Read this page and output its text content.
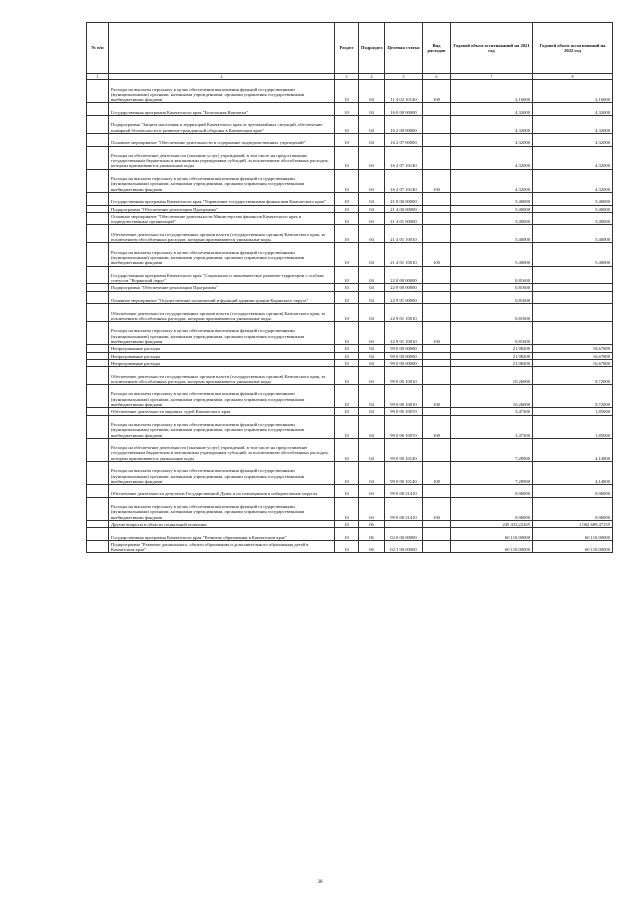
№ п/п		Раздел	Подраздел	Целевая статья	Вид расходов	Годовой объем ассигнований на 2021 год	Годовой объем ассигнований на 2022 год
1	2	3	4	5	6	7	8
	Расходы на выплаты персоналу в целях обеспечения выполнения функций государственными (муниципальными) органами, казенными учреждениями, органами управления государственными внебюджетными фондами	10	04	11 4 02 10140	100	2,16000	2,16000
	Государственная программа Камчатского края "Безопасная Камчатка"	10	04	16 0 00 00000		4,32000	4,32000
	Подпрограмма "Защита населения и территорий Камчатского края от чрезвычайных ситуаций, обеспечение пожарной безопасности и развитие гражданской обороны в Камчатском крае"	10	04	16 2 00 00000		4,32000	4,32000
	Основное мероприятие "Обеспечение деятельности и содержание подведомственных учреждений"	10	04	16 2 07 00000		4,32000	4,32000
	Расходы на обеспечение деятельности (оказание услуг) учреждений, в том числе на предоставление государственным бюджетным и автономным учреждениям субсидий, за исключением обособленных расходов, которым присваиваются уникальные коды	10	04	16 2 07 10140		4,32000	4,32000
	Расходы на выплаты персоналу в целях обеспечения выполнения функций государственными (муниципальными) органами, казенными учреждениями, органами управления государственными внебюджетными фондами	10	04	16 2 07 10140	100	4,32000	4,32000
	Государственная программа Камчатского края "Управление государственными финансами Камчатского края"	10	04	21 0 00 00000		5,40000	5,40000
	Подпрограмма "Обеспечение реализации Программы"	10	04	21 4 00 00000		5,40000	5,40000
	Основное мероприятие "Обеспечение деятельности Министерства финансов Камчатского края и подведомственных организаций"	10	04	21 4 01 00000		5,40000	5,40000
	Обеспечение деятельности государственных органов власти (государственных органов) Камчатского края, за исключением обособленных расходов, которым присваиваются уникальные коды.	10	04	21 4 01 10010		5,40000	5,40000
	Расходы на выплаты персоналу в целях обеспечения выполнения функций государственными (муниципальными) органами, казенными учреждениями, органами управления государственными внебюджетными фондами	10	04	21 4 01 10010	100	5,40000	5,40000
	Государственная программа Камчатского края "Социальное и экономическое развитие территории с особым статусом "Корякский округ"	10	04	22 0 00 00000		0,81600	
	Подпрограмма "Обеспечение реализации Программы"	10	04	22 9 00 00000		0,81600	
	Основное мероприятие "Осуществление полномочий и функций администрации Корякского округа"	10	04	22 9 01 00000		0,81600	
	Обеспечение деятельности государственных органов власти (государственных органов) Камчатского края, за исключением обособленных расходов, которым присваиваются уникальные коды.	10	04	22 9 01 10010		0,81600	
	Расходы на выплаты персоналу в целях обеспечения выполнения функций государственными (муниципальными) органами, казенными учреждениями, органами управления государственными внебюджетными фондами	10	04	22 9 01 10010	100	0,81600	
	Непрограммные расходы	10	04	99 0 00 00000		21,98200	16,67800
	Непрограммные расходы	10	04	99 0 00 00000		21,98200	16,67800
	Непрограммные расходы	10	04	99 0 00 00000		21,98200	16,67800
	Обеспечение деятельности государственных органов власти (государственных органов) Камчатского края, за исключением обособленных расходов, которым присваиваются уникальные коды.	10	04	99 0 00 10010		10,26000	9,72000
	Расходы на выплаты персоналу в целях обеспечения выполнения функций государственными (муниципальными) органами, казенными учреждениями, органами управления государственными внебюджетными фондами	10	04	99 0 00 10010	100	10,26000	9,72000
	Обеспечение деятельности мировых судей Камчатского края	10	04	99 0 00 10070		3,47300	1,85000
	Расходы на выплаты персоналу в целях обеспечения выполнения функций государственными (муниципальными) органами, казенными учреждениями, органами управления государственными внебюджетными фондами	10	04	99 0 00 10070	100	3,47300	1,85000
	Расходы на обеспечение деятельности (оказание услуг) учреждений, в том числе на предоставление государственным бюджетным и автономным учреждениям субсидий, за исключением обособленных расходов, которым присваиваются уникальные коды	10	04	99 0 00 10140		7,28900	4,14800
	Расходы на выплаты персоналу в целях обеспечения выполнения функций государственными (муниципальными) органами, казенными учреждениями, органами управления государственными внебюджетными фондами	10	04	99 0 00 10140	100	7,28900	4,14800
	Обеспечение деятельности депутатов Государственной Думы и их помощников в избирательных округах	10	04	99 0 00 51410		0,96000	0,96000
	Расходы на выплаты персоналу в целях обеспечения выполнения функций государственными (муниципальными) органами, казенными учреждениями, органами управления государственными внебюджетными фондами	10	04	99 0 00 51410	100	0,96000	0,96000
	Другие вопросы в области социальной политики	10	06			245 433,22265	1 062 689,47155
	Государственная программа Камчатского края "Развитие образования в Камчатском крае"	10	06	02 0 00 00000		60 110,00000	60 110,00000
	Подпрограмма "Развитие дошкольного, общего образования и дополнительного образования детей в Камчатском крае"	10	06	02 1 00 00000		60 110,00000	60 110,00000
38
